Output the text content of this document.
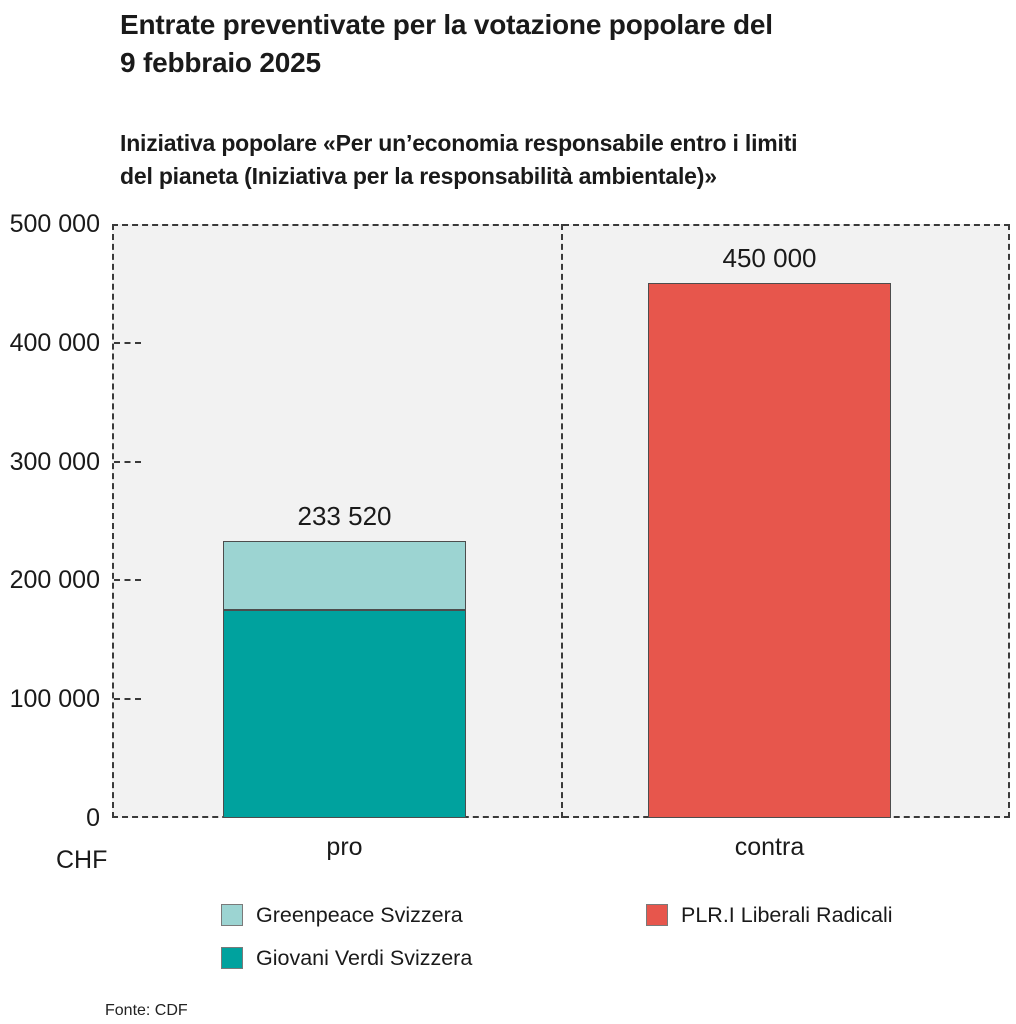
Entrate preventivate per la votazione popolare del
9 febbraio 2025
Iniziativa popolare «Per un’economia responsabile entro i limiti
del pianeta (Iniziativa per la responsabilità ambientale)»
CHF
Greenpeace Svizzera
Giovani Verdi Svizzera
PLR.I Liberali Radicali
Fonte: CDF
0
100 000
200 000
300 000
400 000
500 000
233 520
pro
450 000
contra
